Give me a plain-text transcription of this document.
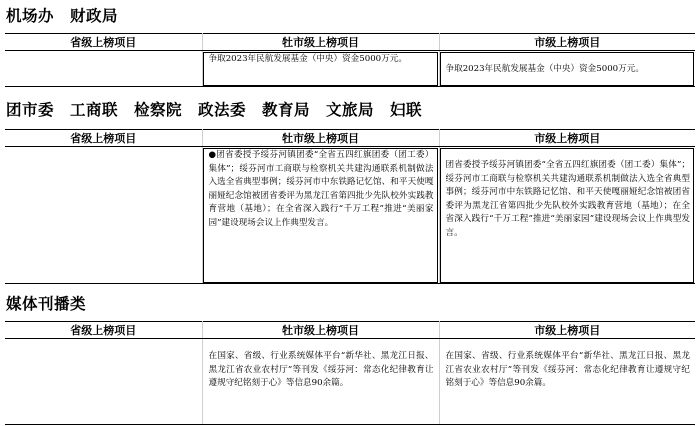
机场办　财政局
省级上榜项目	牡市级上榜项目	市级上榜项目
	争取2023年民航发展基金（中央）资金5000万元。	争取2023年民航发展基金（中央）资金5000万元。
团市委　工商联　检察院　政法委　教育局　文旅局　妇联
省级上榜项目	牡市级上榜项目	市级上榜项目
	●团省委授予绥芬河镇团委“全省五四红旗团委（团工委）集体”；绥芬河市工商联与检察机关共建沟通联系机制做法入选全省典型事例；绥芬河市中东铁路记忆馆、和平天使嘎丽娅纪念馆被团省委评为黑龙江省第四批少先队校外实践教育营地（基地）；在全省深入践行“千万工程”推进“美丽家园”建设现场会议上作典型发言。	团省委授予绥芬河镇团委“全省五四红旗团委（团工委）集体”；绥芬河市工商联与检察机关共建沟通联系机制做法入选全省典型事例；绥芬河市中东铁路记忆馆、和平天使嘎丽娅纪念馆被团省委评为黑龙江省第四批少先队校外实践教育营地（基地）；在全省深入践行“千万工程”推进“美丽家园”建设现场会议上作典型发言。
媒体刊播类
省级上榜项目	牡市级上榜项目	市级上榜项目
	在国家、省级、行业系统媒体平台“新华社、黑龙江日报、黑龙江省农业农村厅”等刊发《绥芬河：常态化纪律教育让遵规守纪铭刻于心》等信息90余篇。	在国家、省级、行业系统媒体平台“新华社、黑龙江日报、黑龙江省农业农村厅”等刊发《绥芬河：常态化纪律教育让遵规守纪铭刻于心》等信息90余篇。
